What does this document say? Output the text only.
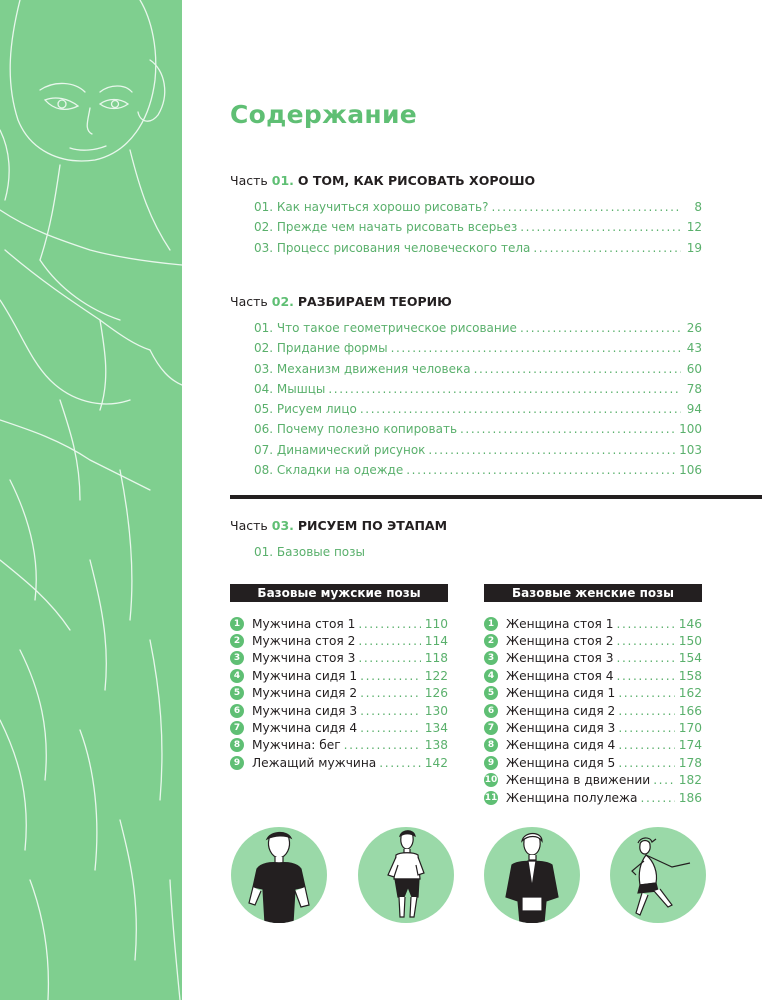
Содержание
Часть 01. О ТОМ, КАК РИСОВАТЬ ХОРОШО
01. Как научиться хорошо рисовать? .....	8
02. Прежде чем начать рисовать всерьез .....	12
03. Процесс рисования человеческого тела .....	19
Часть 02. РАЗБИРАЕМ ТЕОРИЮ
01. Что такое геометрическое рисование .....	26
02. Придание формы .....	43
03. Механизм движения человека .....	60
04. Мышцы .....	78
05. Рисуем лицо .....	94
06. Почему полезно копировать .....	100
07. Динамический рисунок .....	103
08. Складки на одежде .....	106
Часть 03. РИСУЕМ ПО ЭТАПАМ
01. Базовые позы
Базовые мужские позы
1 Мужчина стоя 1 .....	110
2 Мужчина стоя 2 .....	114
3 Мужчина стоя 3 .....	118
4 Мужчина сидя 1 .....	122
5 Мужчина сидя 2 .....	126
6 Мужчина сидя 3 .....	130
7 Мужчина сидя 4 .....	134
8 Мужчина: бег .....	138
9 Лежащий мужчина .....	142
Базовые женские позы
1 Женщина стоя 1 .....	146
2 Женщина стоя 2 .....	150
3 Женщина стоя 3 .....	154
4 Женщина стоя 4 .....	158
5 Женщина сидя 1 .....	162
6 Женщина сидя 2 .....	166
7 Женщина сидя 3 .....	170
8 Женщина сидя 4 .....	174
9 Женщина сидя 5 .....	178
10 Женщина в движении ..... 182
11 Женщина полулежа .....	186
